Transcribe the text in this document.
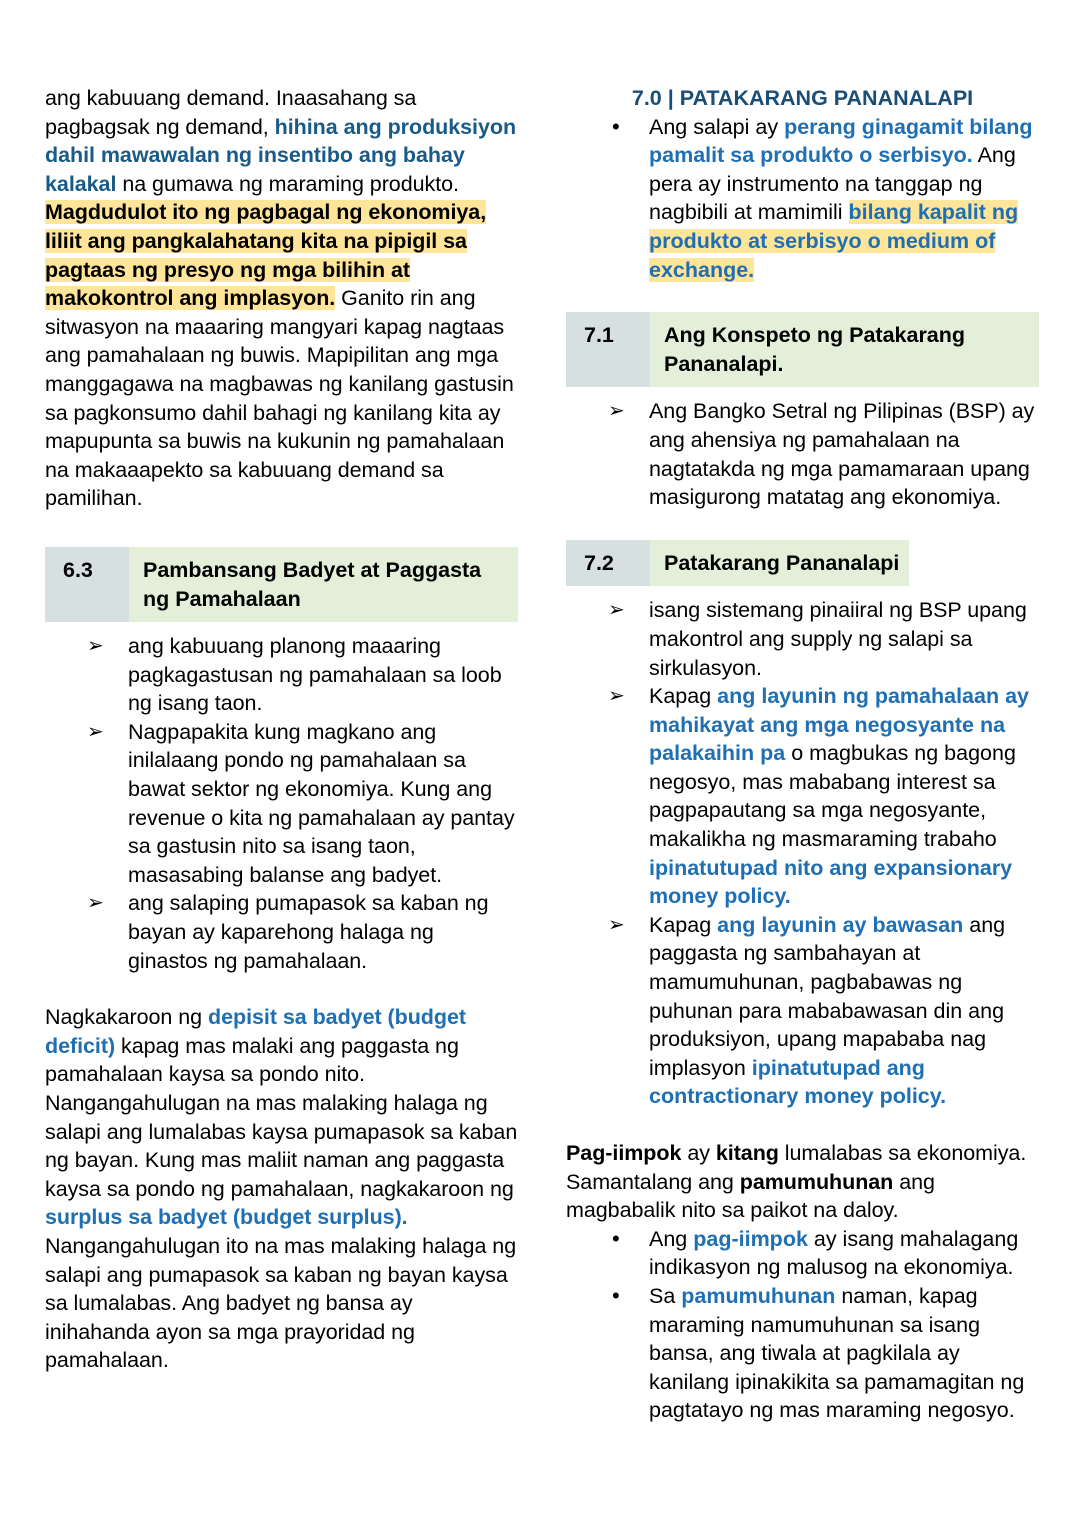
ang kabuuang demand. Inaasahang sa pagbagsak ng demand, hihina ang produksiyon dahil mawawalan ng insentibo ang bahay kalakal na gumawa ng maraming produkto. Magdudulot ito ng pagbagal ng ekonomiya, liliit ang pangkalahatang kita na pipigil sa pagtaas ng presyo ng mga bilihin at makokontrol ang implasyon. Ganito rin ang sitwasyon na maaaring mangyari kapag nagtaas ang pamahalaan ng buwis. Mapipilitan ang mga manggagawa na magbawas ng kanilang gastusin sa pagkonsumo dahil bahagi ng kanilang kita ay mapupunta sa buwis na kukunin ng pamahalaan na makaaapekto sa kabuuang demand sa pamilihan.

6.3	Pambansang Badyet at Paggasta ng Pamahalaan
➢ ang kabuuang planong maaaring pagkagastusan ng pamahalaan sa loob ng isang taon.
➢ Nagpapakita kung magkano ang inilalaang pondo ng pamahalaan sa bawat sektor ng ekonomiya. Kung ang revenue o kita ng pamahalaan ay pantay sa gastusin nito sa isang taon, masasabing balanse ang badyet.
➢ ang salaping pumapasok sa kaban ng bayan ay kaparehong halaga ng ginastos ng pamahalaan.

Nagkakaroon ng depisit sa badyet (budget deficit) kapag mas malaki ang paggasta ng pamahalaan kaysa sa pondo nito. Nangangahulugan na mas malaking halaga ng salapi ang lumalabas kaysa pumapasok sa kaban ng bayan. Kung mas maliit naman ang paggasta kaysa sa pondo ng pamahalaan, nagkakaroon ng surplus sa badyet (budget surplus). Nangangahulugan ito na mas malaking halaga ng salapi ang pumapasok sa kaban ng bayan kaysa sa lumalabas. Ang badyet ng bansa ay inihahanda ayon sa mga prayoridad ng pamahalaan.

7.0 | PATAKARANG PANANALAPI

• Ang salapi ay perang ginagamit bilang pamalit sa produkto o serbisyo. Ang pera ay instrumento na tanggap ng nagbibili at mamimili bilang kapalit ng produkto at serbisyo o medium of exchange.
7.1	Ang Konspeto ng Patakarang Pananalapi.
➢ Ang Bangko Setral ng Pilipinas (BSP) ay ang ahensiya ng pamahalaan na nagtatakda ng mga pamamaraan upang masigurong matatag ang ekonomiya.
7.2	Patakarang Pananalapi
➢ isang sistemang pinaiiral ng BSP upang makontrol ang supply ng salapi sa sirkulasyon.
➢ Kapag ang layunin ng pamahalaan ay mahikayat ang mga negosyante na palakaihin pa o magbukas ng bagong negosyo, mas mababang interest sa pagpapautang sa mga negosyante, makalikha ng masmaraming trabaho ipinatutupad nito ang expansionary money policy.
➢ Kapag ang layunin ay bawasan ang paggasta ng sambahayan at mamumuhunan, pagbabawas ng puhunan para mababawasan din ang produksiyon, upang mapababa nag implasyon ipinatutupad ang contractionary money policy.

Pag-iimpok ay kitang lumalabas sa ekonomiya. Samantalang ang pamumuhunan ang magbabalik nito sa paikot na daloy.

• Ang pag-iimpok ay isang mahalagang indikasyon ng malusog na ekonomiya.
• Sa pamumuhunan naman, kapag maraming namumuhunan sa isang bansa, ang tiwala at pagkilala ay kanilang ipinakikita sa pamamagitan ng pagtatayo ng mas maraming negosyo.
